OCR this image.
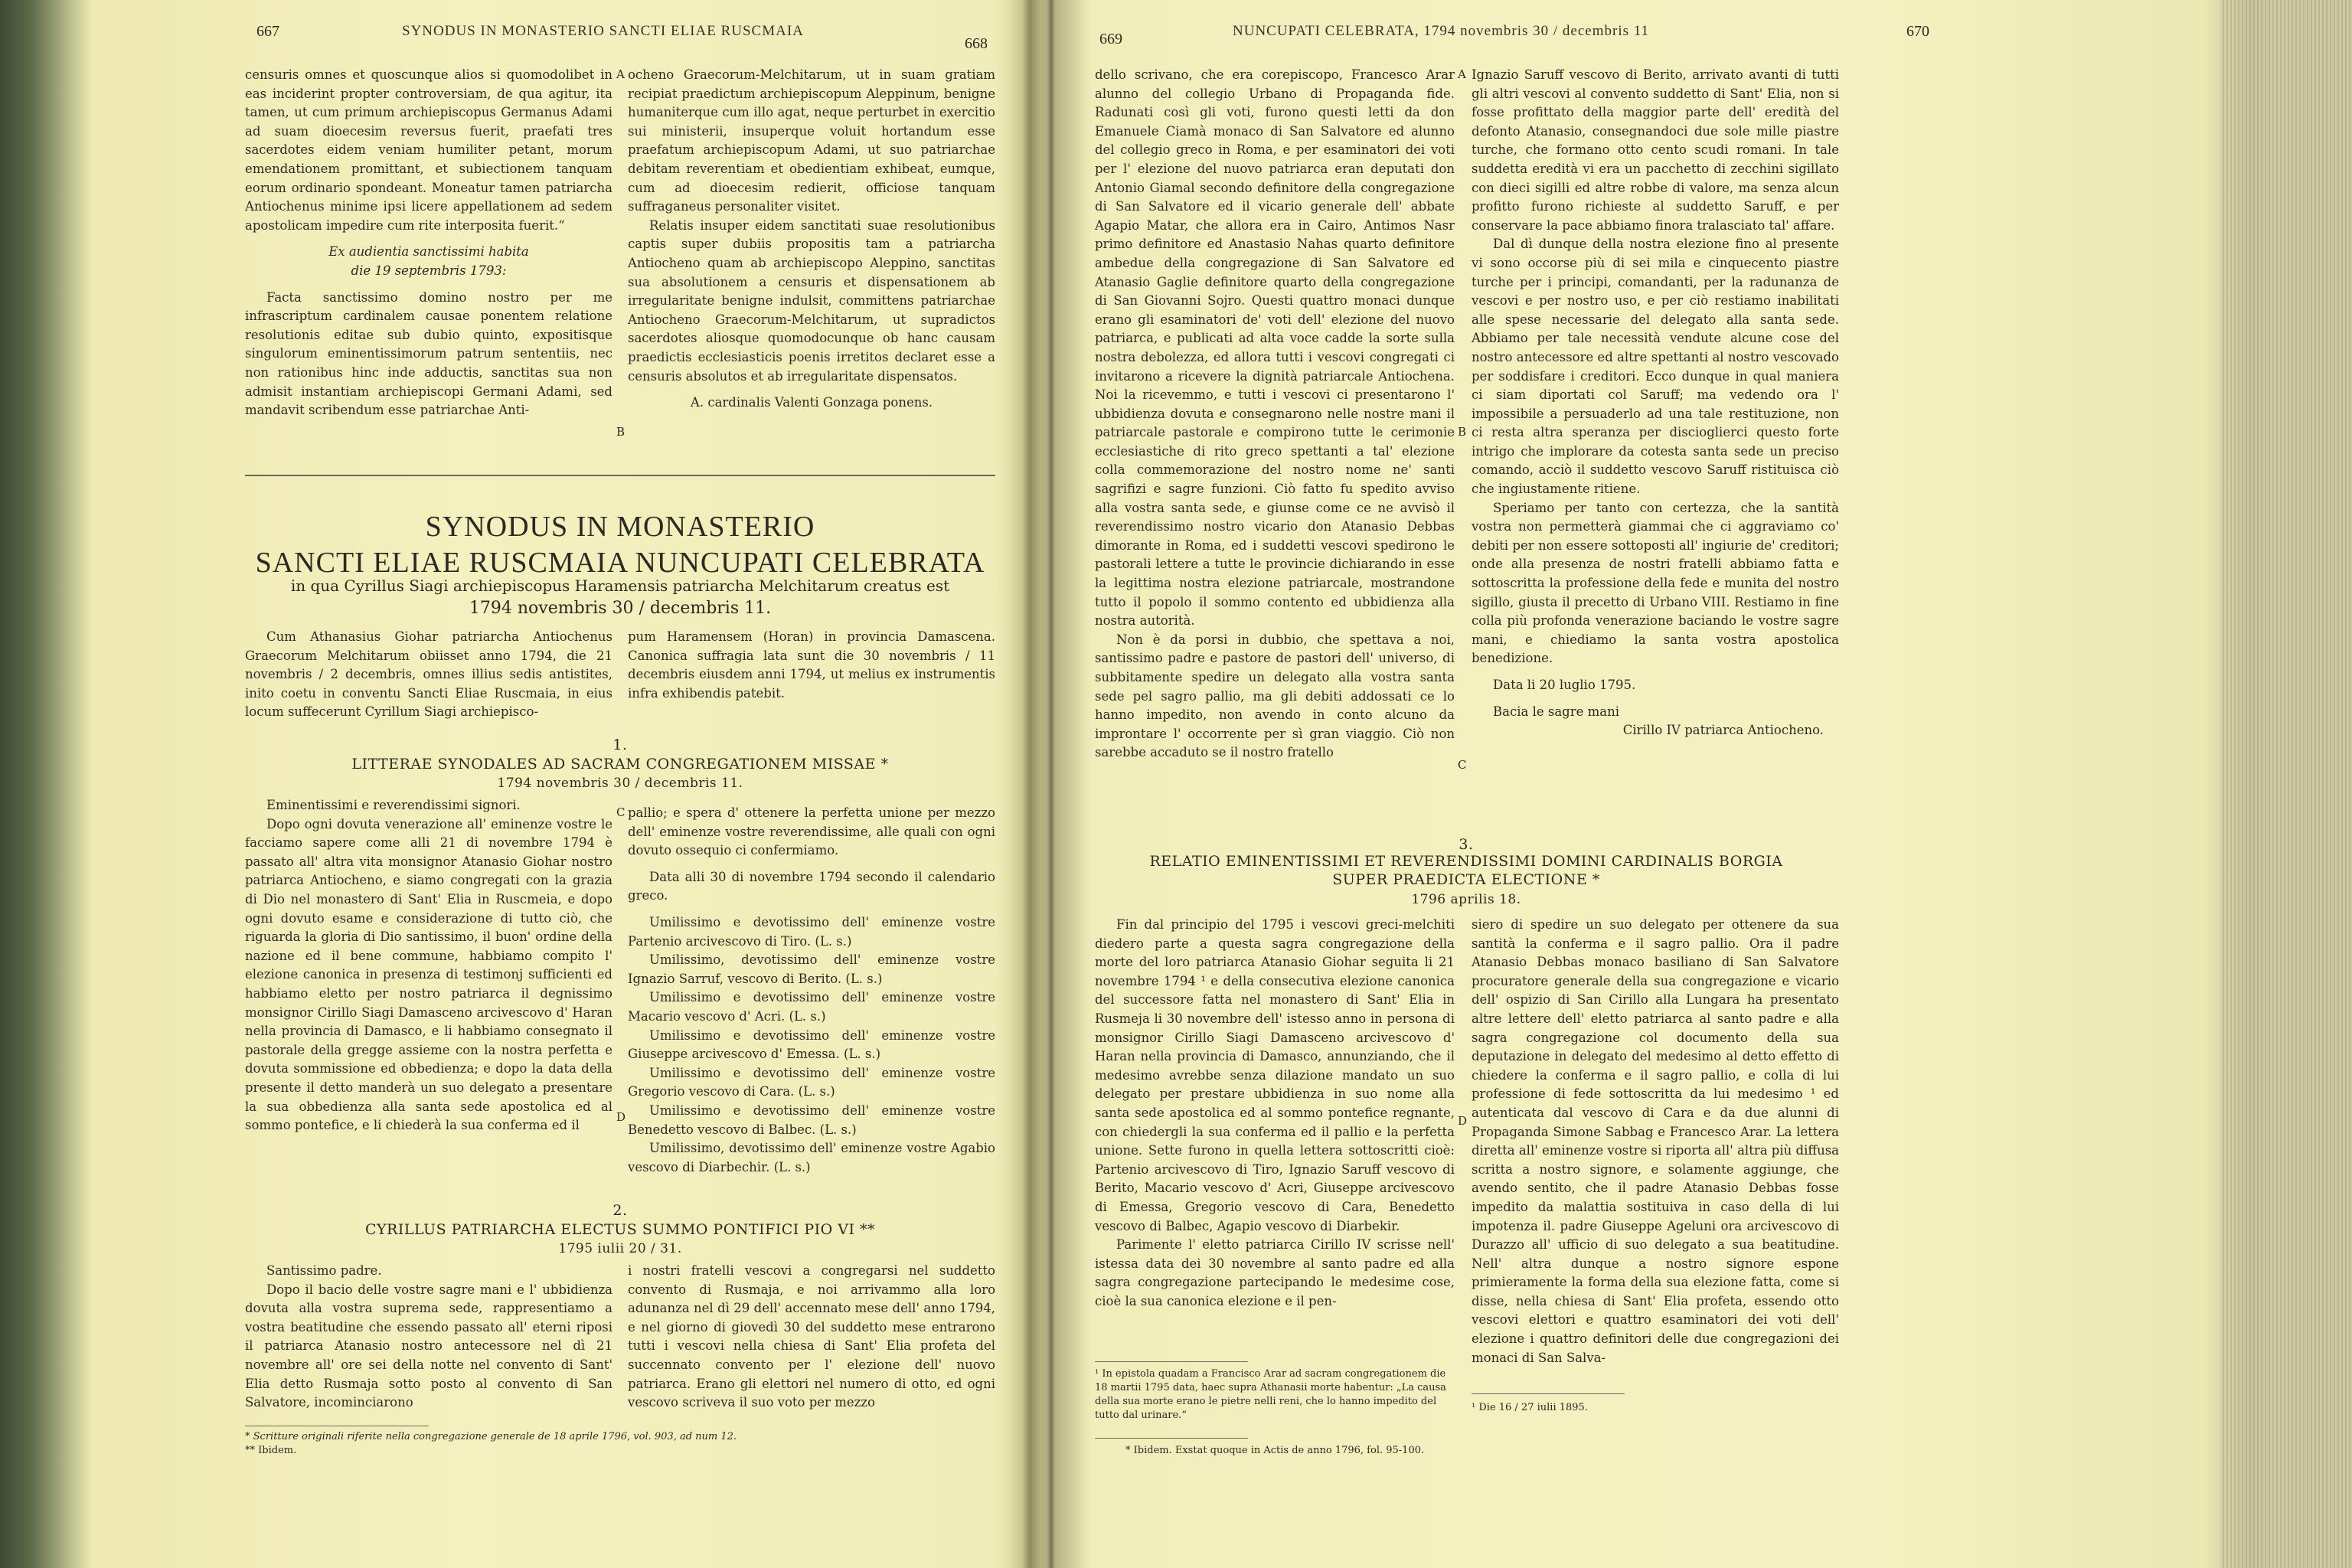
667	SYNODUS IN MONASTERIO SANCTI ELIAE RUSCMAIA
668

censuris omnes et quoscunque alios si quomodolibet in eas inciderint propter controversiam, de qua agitur, ita tamen, ut cum primum archiepiscopus Germanus Adami ad suam dioecesim reversus fuerit, praefati tres sacerdotes eidem veniam humiliter petant, morum emendationem promittant, et subiectionem tanquam eorum ordinario spondeant. Moneatur tamen patriarcha Antiochenus minime ipsi licere appellationem ad sedem apostolicam impedire cum rite interposita fuerit.“

Ex audientia sanctissimi habita

die 19 septembris 1793:

Facta sanctissimo domino nostro per me infrascriptum cardinalem causae ponentem relatione resolutionis editae sub dubio quinto, expositisque singulorum eminentissimorum patrum sententiis, nec non rationibus hinc inde adductis, sanctitas sua non admisit instantiam archiepiscopi Germani Adami, sed mandavit scribendum esse patriarchae Anti-

ocheno Graecorum-Melchitarum, ut in suam gratiam recipiat praedictum archiepiscopum Aleppinum, benigne humaniterque cum illo agat, neque perturbet in exercitio sui ministerii, insuperque voluit hortandum esse praefatum archiepiscopum Adami, ut suo patriarchae debitam reverentiam et obedientiam exhibeat, eumque, cum ad dioecesim redierit, officiose tanquam suffraganeus personaliter visitet.

Relatis insuper eidem sanctitati suae resolutionibus captis super dubiis propositis tam a patriarcha Antiocheno quam ab archiepiscopo Aleppino, sanctitas sua absolutionem a censuris et dispensationem ab irregularitate benigne indulsit, committens patriarchae Antiocheno Graecorum-Melchitarum, ut supradictos sacerdotes aliosque quomodocunque ob hanc causam praedictis ecclesiasticis poenis irretitos declaret esse a censuris absolutos et ab irregularitate dispensatos.

A. cardinalis Valenti Gonzaga ponens.

SYNODUS IN MONASTERIO
SANCTI ELIAE RUSCMAIA NUNCUPATI CELEBRATA
in qua Cyrillus Siagi archiepiscopus Haramensis patriarcha Melchitarum creatus est
1794 novembris 30 / decembris 11.

Cum Athanasius Giohar patriarcha Antiochenus Graecorum Melchitarum obiisset anno 1794, die 21 novembris / 2 decembris, omnes illius sedis antistites, inito coetu in conventu Sancti Eliae Ruscmaia, in eius locum suffecerunt Cyrillum Siagi archiepisco-

pum Haramensem (Horan) in provincia Damascena. Canonica suffragia lata sunt die 30 novembris / 11 decembris eiusdem anni 1794, ut melius ex instrumentis infra exhibendis patebit.

1.
LITTERAE SYNODALES AD SACRAM CONGREGATIONEM MISSAE *
1794 novembris 30 / decembris 11.

Eminentissimi e reverendissimi signori.

Dopo ogni dovuta venerazione all' eminenze vostre le facciamo sapere come alli 21 di novembre 1794 è passato all' altra vita monsignor Atanasio Giohar nostro patriarca Antiocheno, e siamo congregati con la grazia di Dio nel monastero di Sant' Elia in Ruscmeia, e dopo ogni dovuto esame e considerazione di tutto ciò, che riguarda la gloria di Dio santissimo, il buon' ordine della nazione ed il bene commune, habbiamo compito l' elezione canonica in presenza di testimonj sufficienti ed habbiamo eletto per nostro patriarca il degnissimo monsignor Cirillo Siagi Damasceno arcivescovo d' Haran nella provincia di Damasco, e li habbiamo consegnato il pastorale della gregge assieme con la nostra perfetta e dovuta sommissione ed obbedienza; e dopo la data della presente il detto manderà un suo delegato a presentare la sua obbedienza alla santa sede apostolica ed al sommo pontefice, e li chiederà la sua conferma ed il

pallio; e spera d' ottenere la perfetta unione per mezzo dell' eminenze vostre reverendissime, alle quali con ogni dovuto ossequio ci confermiamo.

Data alli 30 di novembre 1794 secondo il calendario greco.

Umilissimo e devotissimo dell' eminenze vostre Partenio arcivescovo di Tiro. (L. s.)

Umilissimo, devotissimo dell' eminenze vostre Ignazio Sarruf, vescovo di Berito. (L. s.)

Umilissimo e devotissimo dell' eminenze vostre Macario vescovo d' Acri. (L. s.)

Umilissimo e devotissimo dell' eminenze vostre Giuseppe arcivescovo d' Emessa. (L. s.)

Umilissimo e devotissimo dell' eminenze vostre Gregorio vescovo di Cara. (L. s.)

Umilissimo e devotissimo dell' eminenze vostre Benedetto vescovo di Balbec. (L. s.)

Umilissimo, devotissimo dell' eminenze vostre Agabio vescovo di Diarbechir. (L. s.)

2.
CYRILLUS PATRIARCHA ELECTUS SUMMO PONTIFICI PIO VI **
1795 iulii 20 / 31.

Santissimo padre.

Dopo il bacio delle vostre sagre mani e l' ubbidienza dovuta alla vostra suprema sede, rappresentiamo a vostra beatitudine che essendo passato all' eterni riposi il patriarca Atanasio nostro antecessore nel dì 21 novembre all' ore sei della notte nel convento di Sant' Elia detto Rusmaja sotto posto al convento di San Salvatore, incominciarono

i nostri fratelli vescovi a congregarsi nel suddetto convento di Rusmaja, e noi arrivammo alla loro adunanza nel dì 29 dell' accennato mese dell' anno 1794, e nel giorno di giovedì 30 del suddetto mese entrarono tutti i vescovi nella chiesa di Sant' Elia profeta del succennato convento per l' elezione dell' nuovo patriarca. Erano gli elettori nel numero di otto, ed ogni vescovo scriveva il suo voto per mezzo

* Scritture originali riferite nella congregazione generale de 18 aprile 1796, vol. 903, ad num 12.
** Ibidem.
A
B
C
D
669	NUNCUPATI CELEBRATA, 1794 novembris 30 / decembris 11	670

dello scrivano, che era corepiscopo, Francesco Arar alunno del collegio Urbano di Propaganda fide. Radunati così gli voti, furono questi letti da don Emanuele Ciamà monaco di San Salvatore ed alunno del collegio greco in Roma, e per esaminatori dei voti per l' elezione del nuovo patriarca eran deputati don Antonio Giamal secondo definitore della congregazione di San Salvatore ed il vicario generale dell' abbate Agapio Matar, che allora era in Cairo, Antimos Nasr primo definitore ed Anastasio Nahas quarto definitore ambedue della congregazione di San Salvatore ed Atanasio Gaglie definitore quarto della congregazione di San Giovanni Sojro. Questi quattro monaci dunque erano gli esaminatori de' voti dell' elezione del nuovo patriarca, e publicati ad alta voce cadde la sorte sulla nostra debolezza, ed allora tutti i vescovi congregati ci invitarono a ricevere la dignità patriarcale Antiochena. Noi la ricevemmo, e tutti i vescovi ci presentarono l' ubbidienza dovuta e consegnarono nelle nostre mani il patriarcale pastorale e compirono tutte le cerimonie ecclesiastiche di rito greco spettanti a tal' elezione colla commemorazione del nostro nome ne' santi sagrifizi e sagre funzioni. Ciò fatto fu spedito avviso alla vostra santa sede, e giunse come ce ne avvisò il reverendissimo nostro vicario don Atanasio Debbas dimorante in Roma, ed i suddetti vescovi spedirono le pastorali lettere a tutte le provincie dichiarando in esse la legittima nostra elezione patriarcale, mostrandone tutto il popolo il sommo contento ed ubbidienza alla nostra autorità.

Non è da porsi in dubbio, che spettava a noi, santissimo padre e pastore de pastori dell' universo, di subbitamente spedire un delegato alla vostra santa sede pel sagro pallio, ma gli debiti addossati ce lo hanno impedito, non avendo in conto alcuno da improntare l' occorrente per sì gran viaggio. Ciò non sarebbe accaduto se il nostro fratello

Ignazio Saruff vescovo di Berito, arrivato avanti di tutti gli altri vescovi al convento suddetto di Sant' Elia, non si fosse profittato della maggior parte dell' eredità del defonto Atanasio, consegnandoci due sole mille piastre turche, che formano otto cento scudi romani. In tale suddetta eredità vi era un pacchetto di zecchini sigillato con dieci sigilli ed altre robbe di valore, ma senza alcun profitto furono richieste al suddetto Saruff, e per conservare la pace abbiamo finora tralasciato tal' affare.

Dal dì dunque della nostra elezione fino al presente vi sono occorse più di sei mila e cinquecento piastre turche per i principi, comandanti, per la radunanza de vescovi e per nostro uso, e per ciò restiamo inabilitati alle spese necessarie del delegato alla santa sede. Abbiamo per tale necessità vendute alcune cose del nostro antecessore ed altre spettanti al nostro vescovado per soddisfare i creditori. Ecco dunque in qual maniera ci siam diportati col Saruff; ma vedendo ora l' impossibile a persuaderlo ad una tale restituzione, non ci resta altra speranza per discioglierci questo forte intrigo che implorare da cotesta santa sede un preciso comando, acciò il suddetto vescovo Saruff ristituisca ciò che ingiustamente ritiene.

Speriamo per tanto con certezza, che la santità vostra non permetterà giammai che ci aggraviamo co' debiti per non essere sottoposti all' ingiurie de' creditori; onde alla presenza de nostri fratelli abbiamo fatta e sottoscritta la professione della fede e munita del nostro sigillo, giusta il precetto di Urbano VIII. Restiamo in fine colla più profonda venerazione baciando le vostre sagre mani, e chiediamo la santa vostra apostolica benedizione.

Data li 20 luglio 1795.

Bacia le sagre mani

Cirillo IV patriarca Antiocheno.

3.
RELATIO EMINENTISSIMI ET REVERENDISSIMI DOMINI CARDINALIS BORGIA
SUPER PRAEDICTA ELECTIONE *
1796 aprilis 18.

Fin dal principio del 1795 i vescovi greci-melchiti diedero parte a questa sagra congregazione della morte del loro patriarca Atanasio Giohar seguita li 21 novembre 1794 ¹ e della consecutiva elezione canonica del successore fatta nel monastero di Sant' Elia in Rusmeja li 30 novembre dell' istesso anno in persona di monsignor Cirillo Siagi Damasceno arcivescovo d' Haran nella provincia di Damasco, annunziando, che il medesimo avrebbe senza dilazione mandato un suo delegato per prestare ubbidienza in suo nome alla santa sede apostolica ed al sommo pontefice regnante, con chiedergli la sua conferma ed il pallio e la perfetta unione. Sette furono in quella lettera sottoscritti cioè: Partenio arcivescovo di Tiro, Ignazio Saruff vescovo di Berito, Macario vescovo d' Acri, Giuseppe arcivescovo di Emessa, Gregorio vescovo di Cara, Benedetto vescovo di Balbec, Agapio vescovo di Diarbekir.

Parimente l' eletto patriarca Cirillo IV scrisse nell' istessa data dei 30 novembre al santo padre ed alla sagra congregazione partecipando le medesime cose, cioè la sua canonica elezione e il pen-

siero di spedire un suo delegato per ottenere da sua santità la conferma e il sagro pallio. Ora il padre Atanasio Debbas monaco basiliano di San Salvatore procuratore generale della sua congregazione e vicario dell' ospizio di San Cirillo alla Lungara ha presentato altre lettere dell' eletto patriarca al santo padre e alla sagra congregazione col documento della sua deputazione in delegato del medesimo al detto effetto di chiedere la conferma e il sagro pallio, e colla di lui professione di fede sottoscritta da lui medesimo ¹ ed autenticata dal vescovo di Cara e da due alunni di Propaganda Simone Sabbag e Francesco Arar. La lettera diretta all' eminenze vostre si riporta all' altra più diffusa scritta a nostro signore, e solamente aggiunge, che avendo sentito, che il padre Atanasio Debbas fosse impedito da malattia sostituiva in caso della di lui impotenza il. padre Giuseppe Ageluni ora arcivescovo di Durazzo all' ufficio di suo delegato a sua beatitudine. Nell' altra dunque a nostro signore espone primieramente la forma della sua elezione fatta, come si disse, nella chiesa di Sant' Elia profeta, essendo otto vescovi elettori e quattro esaminatori dei voti dell' elezione i quattro definitori delle due congregazioni dei monaci di San Salva-

¹ In epistola quadam a Francisco Arar ad sacram congregationem die 18 martii 1795 data, haec supra Athanasii morte habentur: „La causa della sua morte erano le pietre nelli reni, che lo hanno impedito del tutto dal urinare.“
¹ Die 16 / 27 iulii 1895.
* Ibidem. Exstat quoque in Actis de anno 1796, fol. 95-100.
A
B
C
D
